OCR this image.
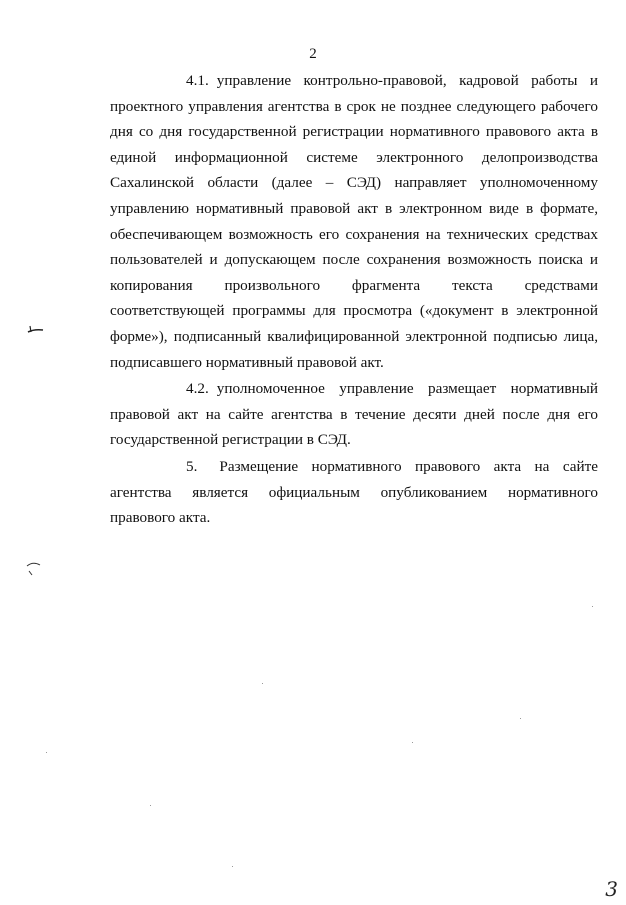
2

4.1. управление контрольно-правовой, кадровой работы и проектного управления агентства в срок не позднее следующего рабочего дня со дня государственной регистрации нормативного правового акта в единой информационной системе электронного делопроизводства Сахалинской области (далее – СЭД) направляет уполномоченному управлению нормативный правовой акт в электронном виде в формате, обеспечивающем возможность его сохранения на технических средствах пользователей и допускающем после сохранения возможность поиска и копирования произвольного фрагмента текста средствами соответствующей программы для просмотра («документ в электронной форме»), подписанный квалифицированной электронной подписью лица, подписавшего нормативный правовой акт.

4.2. уполномоченное управление размещает нормативный правовой акт на сайте агентства в течение десяти дней после дня его государственной регистрации в СЭД.

5. Размещение нормативного правового акта на сайте агентства является официальным опубликованием нормативного правового акта.

3
